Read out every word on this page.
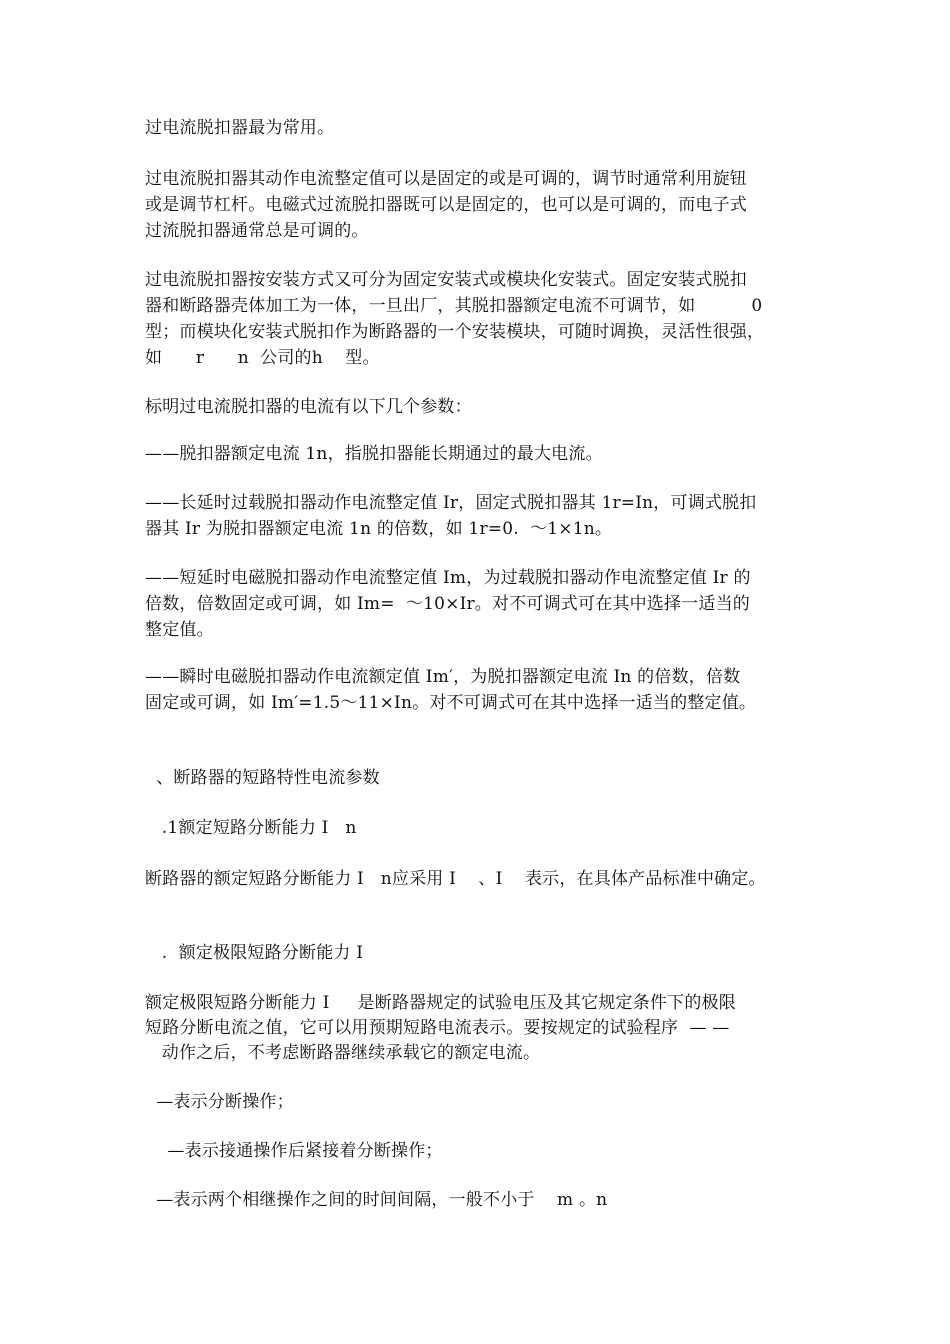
过电流脱扣器最为常用。
过电流脱扣器其动作电流整定值可以是固定的或是可调的，调节时通常利用旋钮
或是调节杠杆。电磁式过流脱扣器既可以是固定的，也可以是可调的，而电子式
过流脱扣器通常总是可调的。
过电流脱扣器按安装方式又可分为固定安装式或模块化安装式。固定安装式脱扣
器和断路器壳体加工为一体，一旦出厂，其脱扣器额定电流不可调节，如          0
型；而模块化安装式脱扣作为断路器的一个安装模块，可随时调换，灵活性很强，
如      r      n  公司的h    型。
标明过电流脱扣器的电流有以下几个参数：
——脱扣器额定电流 1n，指脱扣器能长期通过的最大电流。
——长延时过载脱扣器动作电流整定值 Ir，固定式脱扣器其 1r=In，可调式脱扣
器其 Ir 为脱扣器额定电流 1n 的倍数，如 1r=0.  ～1×1n。
——短延时电磁脱扣器动作电流整定值 Im，为过载脱扣器动作电流整定值 Ir 的
倍数，倍数固定或可调，如 Im=  ～10×Ir。对不可调式可在其中选择一适当的
整定值。
——瞬时电磁脱扣器动作电流额定值 Im′，为脱扣器额定电流 In 的倍数，倍数
固定或可调，如 Im′=1.5～11×In。对不可调式可在其中选择一适当的整定值。
、断路器的短路特性电流参数
.1额定短路分断能力 I   n
断路器的额定短路分断能力 I   n应采用 I    、I    表示，在具体产品标准中确定。
.  额定极限短路分断能力 I
额定极限短路分断能力 I     是断路器规定的试验电压及其它规定条件下的极限
短路分断电流之值，它可以用预期短路电流表示。要按规定的试验程序  — —
动作之后，不考虑断路器继续承载它的额定电流。
—表示分断操作；
—表示接通操作后紧接着分断操作；
—表示两个相继操作之间的时间间隔，一般不小于    m 。n
